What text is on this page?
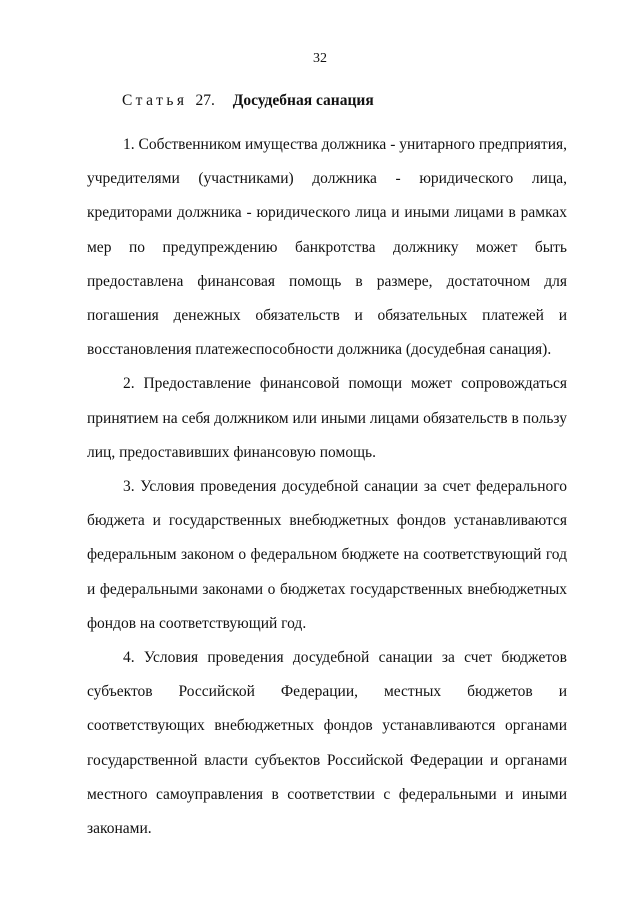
32
Статья 27. Досудебная санация

1. Собственником имущества должника - унитарного предприятия, учредителями (участниками) должника - юридического лица, кредиторами должника - юридического лица и иными лицами в рамках мер по предупреждению банкротства должнику может быть предоставлена финансовая помощь в размере, достаточном для погашения денежных обязательств и обязательных платежей и восстановления платежеспособности должника (досудебная санация).

2. Предоставление финансовой помощи может сопровождаться принятием на себя должником или иными лицами обязательств в пользу лиц, предоставивших финансовую помощь.

3. Условия проведения досудебной санации за счет федерального бюджета и государственных внебюджетных фондов устанавливаются федеральным законом о федеральном бюджете на соответствующий год и федеральными законами о бюджетах государственных внебюджетных фондов на соответствующий год.

4. Условия проведения досудебной санации за счет бюджетов субъектов Российской Федерации, местных бюджетов и соответствующих внебюджетных фондов устанавливаются органами государственной власти субъектов Российской Федерации и органами местного самоуправления в соответствии с федеральными и иными законами.
